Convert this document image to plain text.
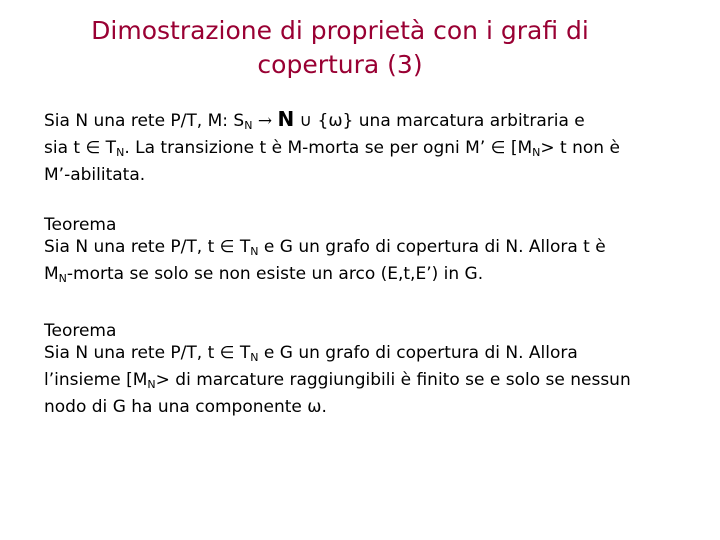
Dimostrazione di proprietà con i grafi di
copertura (3)
Sia N una rete P/T, M: $S_N \to N$ ∪ {ω} una marcatura arbitraria e
sia t ∈ $T_N$. La transizione t è M-morta se per ogni M’ ∈ [$M_N> t$ non è
M’-abilitata.
Teorema
Sia N una rete P/T, t ∈ $T_N$ e G un grafo di copertura di N. Allora t è
$M_N$-morta se solo se non esiste un arco (E,t,E’) in G.
Teorema
Sia N una rete P/T, t ∈ $T_N$ e G un grafo di copertura di N. Allora
l’insieme [$M_N>$ di marcature raggiungibili è finito se e solo se nessun
nodo di G ha una componente ω.
